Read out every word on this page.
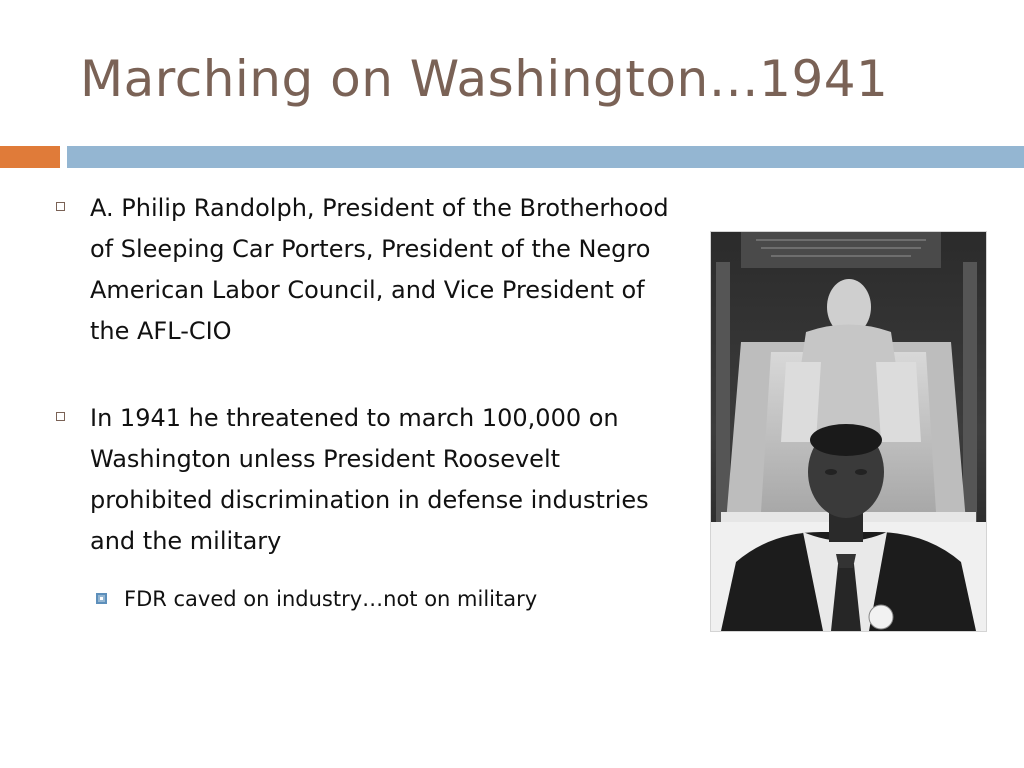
Marching on Washington…1941
A. Philip Randolph, President of the Brotherhood of Sleeping Car Porters, President of the Negro American Labor Council, and Vice President of the AFL-CIO
In 1941 he threatened to march 100,000 on Washington unless President Roosevelt prohibited discrimination in defense industries and the military
FDR caved on industry…not on military
